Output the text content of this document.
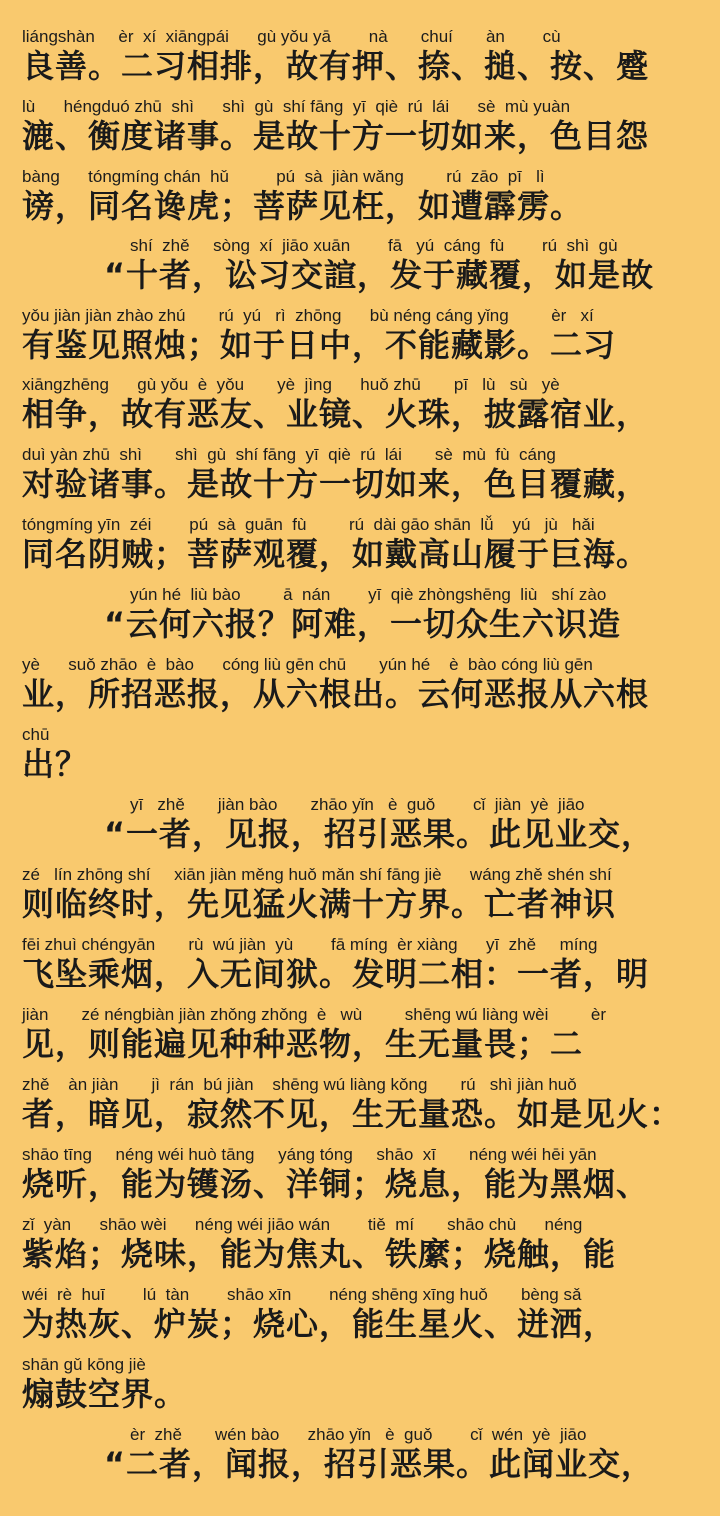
liángshàn     èr  xí  xiāngpái      gù yǒu yā        nà       chuí       àn        cù
良善。二习相排，故有押、捺、搥、按、蹙
lù      héngduó zhū  shì      shì  gù  shí fāng  yī  qiè  rú  lái      sè  mù yuàn
漉、衡度诸事。是故十方一切如来，色目怨
bàng      tóngmíng chán  hǔ          pú  sà  jiàn wǎng         rú  zāo  pī   lì
谤，同名谗虎；菩萨见枉，如遭霹雳。
shí  zhě     sòng  xí  jiāo xuān        fā   yú  cáng  fù        rú  shì  gù
“十者，讼习交諠，发于藏覆，如是故
yǒu jiàn jiàn zhào zhú       rú  yú   rì  zhōng      bù néng cáng yǐng         èr   xí
有鉴见照烛；如于日中，不能藏影。二习
xiāngzhēng      gù yǒu  è  yǒu       yè  jìng      huǒ zhū       pī   lù   sù   yè
相争，故有恶友、业镜、火珠，披露宿业，
duì yàn zhū  shì       shì  gù  shí fāng  yī  qiè  rú  lái       sè  mù  fù  cáng
对验诸事。是故十方一切如来，色目覆藏，
tóngmíng yīn  zéi        pú  sà  guān  fù         rú  dài gāo shān  lǚ    yú   jù   hǎi
同名阴贼；菩萨观覆，如戴高山履于巨海。
yún hé  liù bào         ā  nán        yī  qiè zhòngshēng  liù   shí zào
“云何六报？阿难，一切众生六识造
yè      suǒ zhāo  è  bào      cóng liù gēn chū       yún hé    è  bào cóng liù gēn
业，所招恶报，从六根出。云何恶报从六根
chū
出？
yī   zhě       jiàn bào       zhāo yǐn   è  guǒ        cǐ  jiàn  yè  jiāo
“一者，见报，招引恶果。此见业交，
zé   lín zhōng shí     xiān jiàn měng huǒ mǎn shí fāng jiè      wáng zhě shén shí
则临终时，先见猛火满十方界。亡者神识
fēi zhuì chéngyān       rù  wú jiàn  yù        fā míng  èr xiàng      yī  zhě     míng
飞坠乘烟，入无间狱。发明二相：一者，明
jiàn       zé néngbiàn jiàn zhǒng zhǒng  è   wù         shēng wú liàng wèi         èr
见，则能遍见种种恶物，生无量畏；二
zhě    àn jiàn       jì  rán  bú jiàn    shēng wú liàng kǒng       rú   shì jiàn huǒ
者，暗见，寂然不见，生无量恐。如是见火：
shāo tīng     néng wéi huò tāng     yáng tóng     shāo  xī       néng wéi hēi yān
烧听，能为镬汤、洋铜；烧息，能为黑烟、
zǐ  yàn      shāo wèi      néng wéi jiāo wán        tiě  mí       shāo chù      néng
紫焰；烧味，能为焦丸、铁縻；烧触，能
wéi  rè  huī        lú  tàn        shāo xīn        néng shēng xīng huǒ       bèng sǎ
为热灰、炉炭；烧心，能生星火、迸洒，
shān gǔ kōng jiè
煽鼓空界。
èr  zhě       wén bào      zhāo yǐn   è  guǒ        cǐ  wén  yè  jiāo
“二者，闻报，招引恶果。此闻业交，
